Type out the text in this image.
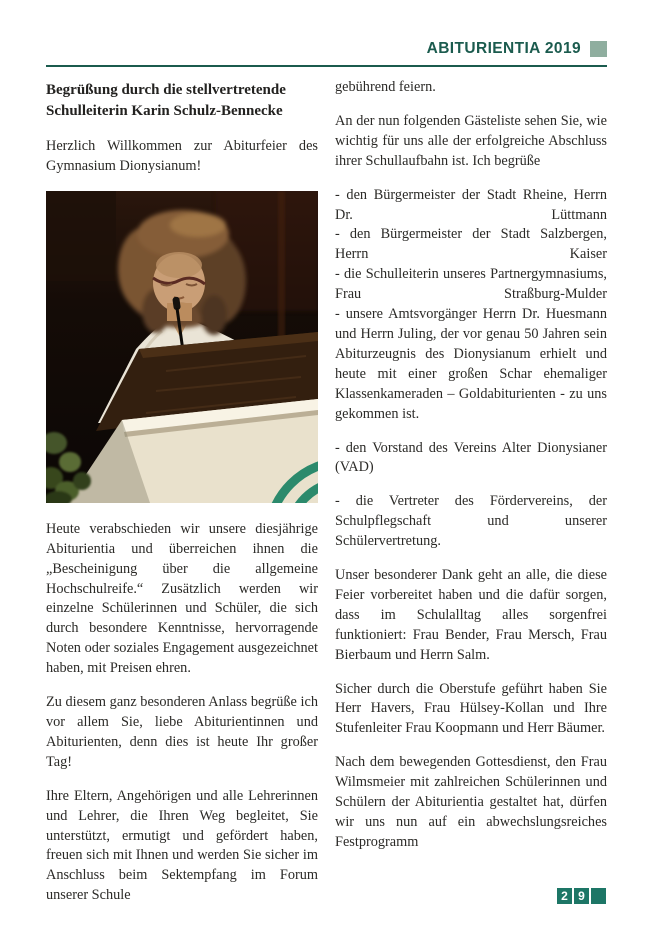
ABITURIENTIA 2019
Begrüßung durch die stellvertretende Schulleiterin Karin Schulz-Bennecke

Herzlich Willkommen zur Abiturfeier des Gymnasium Dionysianum!

Heute verabschieden wir unsere diesjährige Abiturientia und überreichen ihnen die „Bescheinigung über die allgemeine Hochschulreife.“ Zusätzlich werden wir einzelne Schülerinnen und Schüler, die sich durch besondere Kenntnisse, hervorragende Noten oder soziales Engagement ausgezeichnet haben, mit Preisen ehren.

Zu diesem ganz besonderen Anlass begrüße ich vor allem Sie, liebe Abiturientinnen und Abiturienten, denn dies ist heute Ihr großer Tag!

Ihre Eltern, Angehörigen und alle Lehrerinnen und Lehrer, die Ihren Weg begleitet, Sie unterstützt, ermutigt und gefördert haben, freuen sich mit Ihnen und werden Sie sicher im Anschluss beim Sektempfang im Forum unserer Schule

gebührend feiern.

An der nun folgenden Gästeliste sehen Sie, wie wichtig für uns alle der erfolgreiche Abschluss ihrer Schullaufbahn ist. Ich begrüße

- den Bürgermeister der Stadt Rheine, Herrn Dr. Lüttmann

- den Bürgermeister der Stadt Salzbergen, Herrn Kaiser

- die Schulleiterin unseres Partnergymnasiums, Frau Straßburg-Mulder

- unsere Amtsvorgänger Herrn Dr. Huesmann und Herrn Juling, der vor genau 50 Jahren sein Abiturzeugnis des Dionysianum erhielt und heute mit einer großen Schar ehemaliger Klassenkameraden – Goldabiturienten - zu uns gekommen ist.

- den Vorstand des Vereins Alter Dionysianer (VAD)

- die Vertreter des Fördervereins, der Schulpflegschaft und unserer Schülervertretung.

Unser besonderer Dank geht an alle, die diese Feier vorbereitet haben und die dafür sorgen, dass im Schulalltag alles sorgenfrei funktioniert: Frau Bender, Frau Mersch, Frau Bierbaum und Herrn Salm.

Sicher durch die Oberstufe geführt haben Sie Herr Havers, Frau Hülsey-Kollan und Ihre Stufenleiter Frau Koopmann und Herr Bäumer.

Nach dem bewegenden Gottesdienst, den Frau Wilmsmeier mit zahlreichen Schülerinnen und Schülern der Abiturientia gestaltet hat, dürfen wir uns nun auf ein abwechslungsreiches Festprogramm

2 9
